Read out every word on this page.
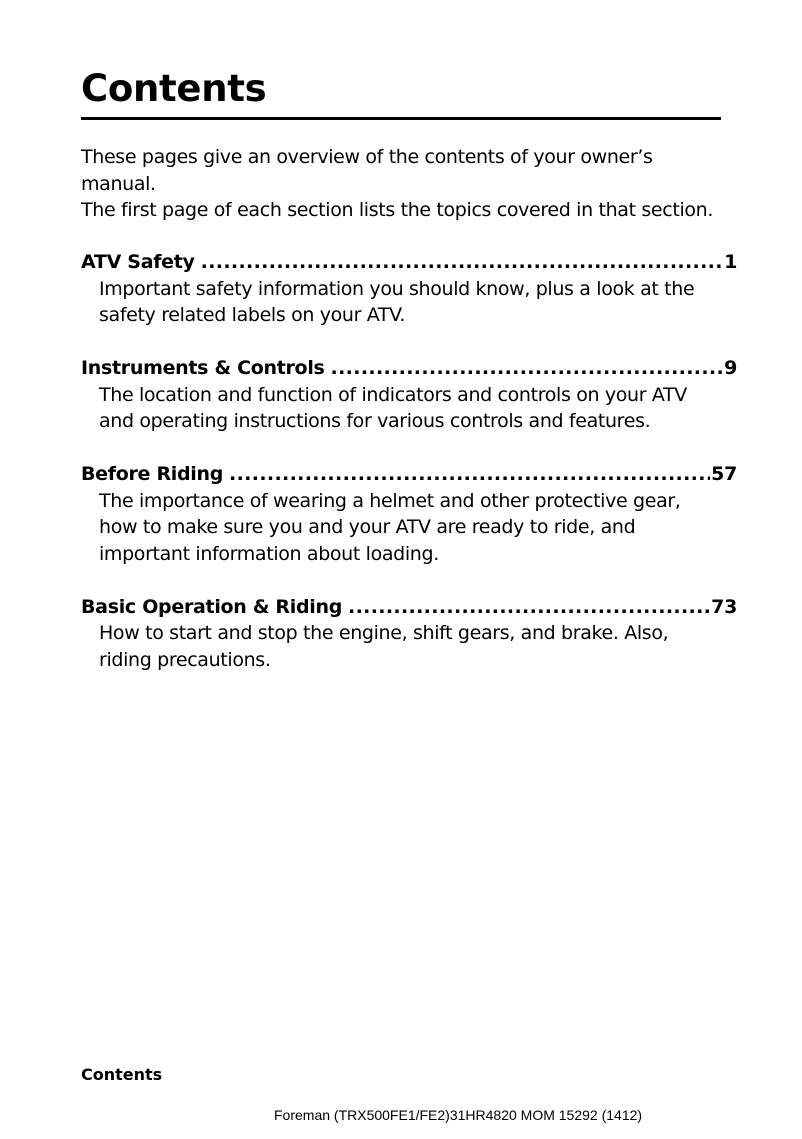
Contents

These pages give an overview of the contents of your owner’s
manual.
The first page of each section lists the topics covered in that section.

ATV Safety .....	1

Important safety information you should know, plus a look at the
safety related labels on your ATV.

Instruments & Controls .....	9

The location and function of indicators and controls on your ATV
and operating instructions for various controls and features.

Before Riding .....	57

The importance of wearing a helmet and other protective gear,
how to make sure you and your ATV are ready to ride, and
important information about loading.

Basic Operation & Riding .....	73

How to start and stop the engine, shift gears, and brake. Also,
riding precautions.

Contents
Foreman (TRX500FE1/FE2)31HR4820 MOM 15292 (1412)
